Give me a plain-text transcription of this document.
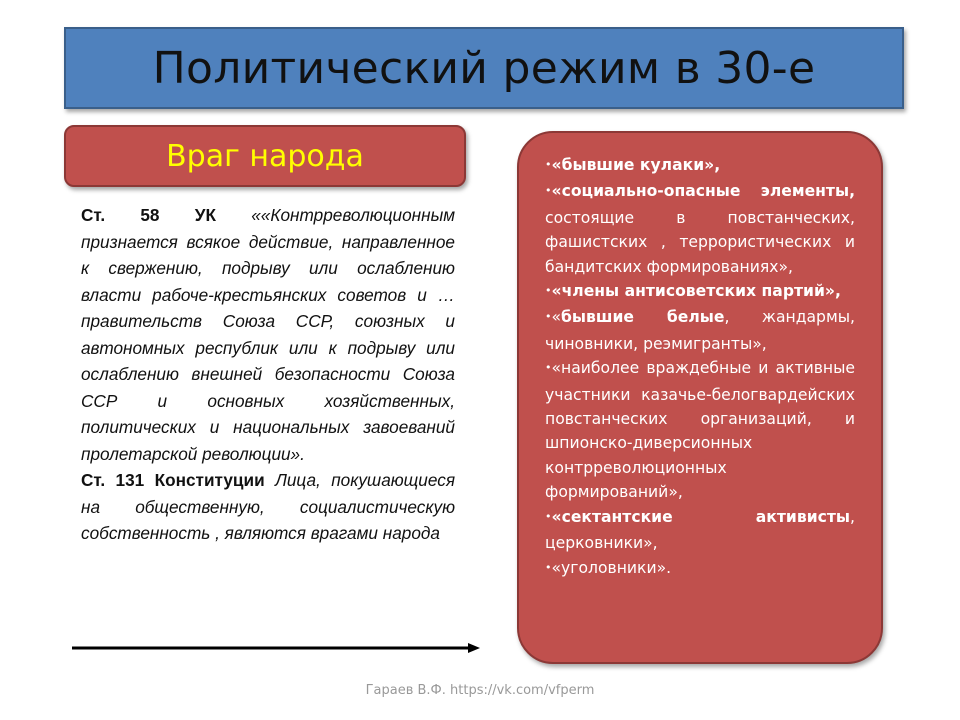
Политический режим в 30-е
Враг народа

Ст. 58 УК ««Контрреволюционным признается всякое действие, направленное к свержению, подрыву или ослаблению власти рабоче-крестьянских советов и … правительств Союза ССР, союзных и автономных республик или к подрыву или ослаблению внешней безопасности Союза ССР и основных хозяйственных, политических и национальных завоеваний пролетарской революции».

Ст. 131 Конституции Лица, покушающиеся на общественную, социалистическую собственность , являются врагами народа

• «бывшие кулаки»,

• «социально-опасные элементы, состоящие в повстанческих, фашистских , террористических и бандитских формированиях»,

• «члены антисоветских партий»,

• «бывшие белые, жандармы, чиновники, реэмигранты»,

• «наиболее враждебные и активные участники казачье-белогвардейских повстанческих организаций, и шпионско-диверсионных контрреволюционных формирований»,

• «сектантские активисты, церковники»,

• «уголовники».

Гараев В.Ф. https://vk.com/vfperm
